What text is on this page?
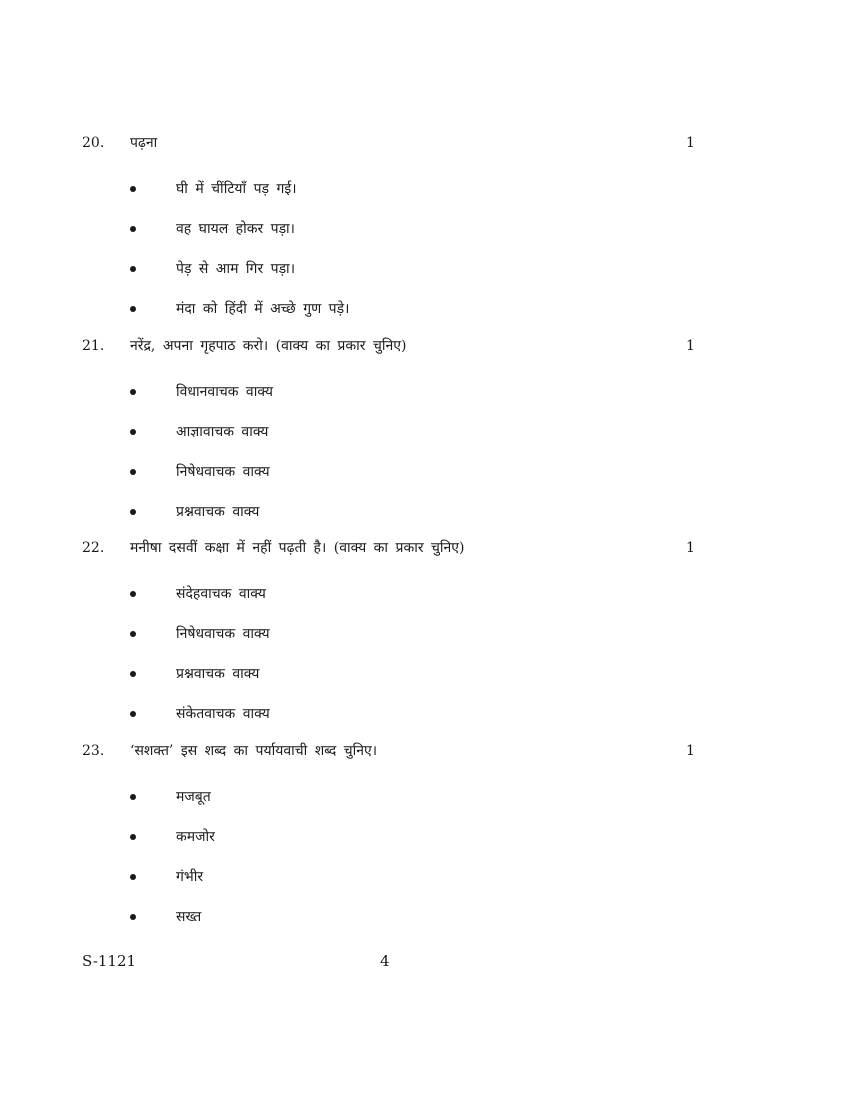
20. पढ़ना	1
घी में चींटियाँ पड़ गई।
वह घायल होकर पड़ा।
पेड़ से आम गिर पड़ा।
मंदा को हिंदी में अच्छे गुण पड़े।
21. नरेंद्र, अपना गृहपाठ करो। (वाक्य का प्रकार चुनिए)	1
विधानवाचक वाक्य
आज्ञावाचक वाक्य
निषेधवाचक वाक्य
प्रश्नवाचक वाक्य
22. मनीषा दसवीं कक्षा में नहीं पढ़ती है। (वाक्य का प्रकार चुनिए)	1
संदेहवाचक वाक्य
निषेधवाचक वाक्य
प्रश्नवाचक वाक्य
संकेतवाचक वाक्य
23. ‘सशक्त’ इस शब्द का पर्यायवाची शब्द चुनिए।	1
मजबूत
कमजोर
गंभीर
सख्त
S-1121	4
